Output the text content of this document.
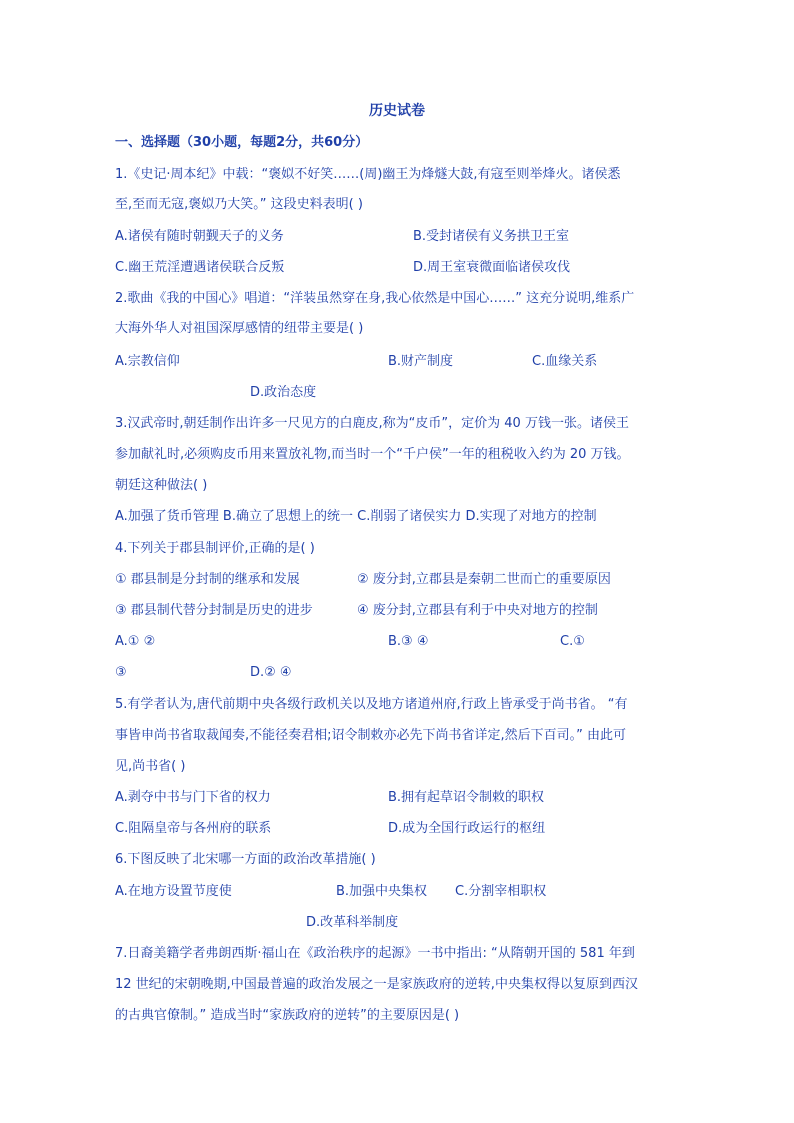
历史试卷
一、选择题（30小题，每题2分，共60分）
1.《史记·周本纪》中载：“褒姒不好笑……(周)幽王为烽燧大鼓,有寇至则举烽火。诸侯悉
至,至而无寇,褒姒乃大笑。” 这段史料表明( )
A.诸侯有随时朝觐天子的义务	B.受封诸侯有义务拱卫王室
C.幽王荒淫遭遇诸侯联合反叛	D.周王室衰微面临诸侯攻伐
2.歌曲《我的中国心》唱道：“洋装虽然穿在身,我心依然是中国心……” 这充分说明,维系广
大海外华人对祖国深厚感情的纽带主要是( )
A.宗教信仰	B.财产制度	C.血缘关系
D.政治态度
3.汉武帝时,朝廷制作出许多一尺见方的白鹿皮,称为“皮币”，定价为 40 万钱一张。诸侯王
参加献礼时,必须购皮币用来置放礼物,而当时一个“千户侯”一年的租税收入约为 20 万钱。
朝廷这种做法( )
A.加强了货币管理 B.确立了思想上的统一 C.削弱了诸侯实力 D.实现了对地方的控制
4.下列关于郡县制评价,正确的是( )
① 郡县制是分封制的继承和发展	② 废分封,立郡县是秦朝二世而亡的重要原因
③ 郡县制代替分封制是历史的进步	④ 废分封,立郡县有利于中央对地方的控制
A.① ②	B.③ ④	C.①
③	D.② ④
5.有学者认为,唐代前期中央各级行政机关以及地方诸道州府,行政上皆承受于尚书省。 “有
事皆申尚书省取裁闻奏,不能径奏君相;诏令制敕亦必先下尚书省详定,然后下百司。” 由此可
见,尚书省( )
A.剥夺中书与门下省的权力	B.拥有起草诏令制敕的职权
C.阻隔皇帝与各州府的联系	D.成为全国行政运行的枢纽
6.下图反映了北宋哪一方面的政治改革措施( )
A.在地方设置节度使	B.加强中央集权 C.分割宰相职权
D.改革科举制度
7.日裔美籍学者弗朗西斯·福山在《政治秩序的起源》一书中指出: “从隋朝开国的 581 年到
12 世纪的宋朝晚期,中国最普遍的政治发展之一是家族政府的逆转,中央集权得以复原到西汉
的古典官僚制。” 造成当时“家族政府的逆转”的主要原因是( )
